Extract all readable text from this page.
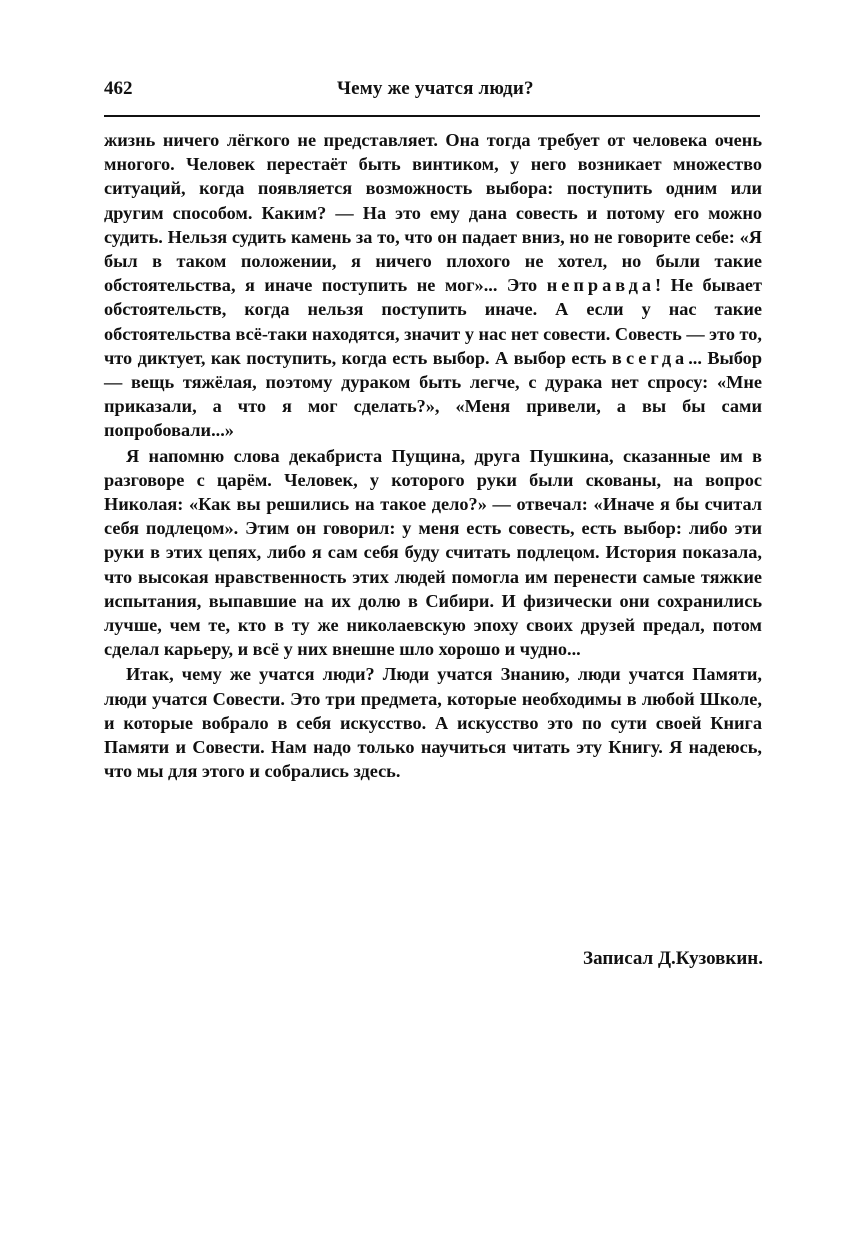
462	Чему же учатся люди?

жизнь ничего лёгкого не представляет. Она тогда требует от человека очень многого. Человек перестаёт быть винтиком, у него возникает множество ситуаций, когда появляется возможность выбора: поступить одним или другим способом. Каким? — На это ему дана совесть и потому его можно судить. Нельзя судить камень за то, что он падает вниз, но не говорите себе: «Я был в таком положении, я ничего плохого не хотел, но были такие обстоятельства, я иначе поступить не мог»... Это неправда! Не бывает обстоятельств, когда нельзя поступить иначе. А если у нас такие обстоятельства всё-таки находятся, значит у нас нет совести. Совесть — это то, что диктует, как поступить, когда есть выбор. А выбор есть всегда... Выбор — вещь тяжёлая, поэтому дураком быть легче, с дурака нет спросу: «Мне приказали, а что я мог сделать?», «Меня привели, а вы бы сами попробовали...»

Я напомню слова декабриста Пущина, друга Пушкина, сказанные им в разговоре с царём. Человек, у которого руки были скованы, на вопрос Николая: «Как вы решились на такое дело?» — отвечал: «Иначе я бы считал себя подлецом». Этим он говорил: у меня есть совесть, есть выбор: либо эти руки в этих цепях, либо я сам себя буду считать подлецом. История показала, что высокая нравственность этих людей помогла им перенести самые тяжкие испытания, выпавшие на их долю в Сибири. И физически они сохранились лучше, чем те, кто в ту же николаевскую эпоху своих друзей предал, потом сделал карьеру, и всё у них внешне шло хорошо и чудно...

Итак, чему же учатся люди? Люди учатся Знанию, люди учатся Памяти, люди учатся Совести. Это три предмета, которые необходимы в любой Школе, и которые вобрало в себя искусство. А искусство это по сути своей Книга Памяти и Совести. Нам надо только научиться читать эту Книгу. Я надеюсь, что мы для этого и собрались здесь.

Записал Д.Кузовкин.
